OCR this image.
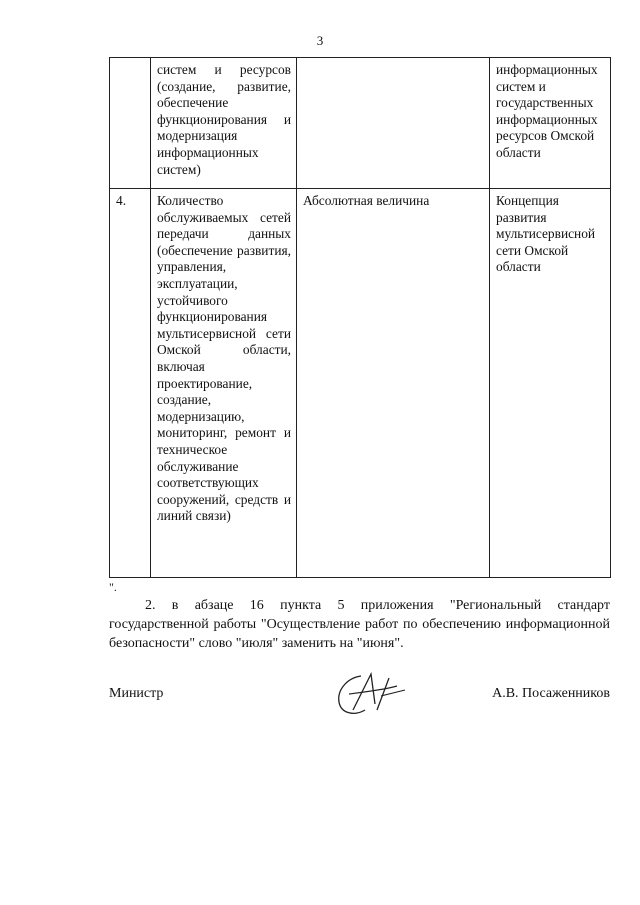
3
	систем и ресурсов (создание, развитие, обеспечение функционирования и модернизация информационных систем)		информационных систем и государственных информационных ресурсов Омской области
4.	Количество обслуживаемых сетей передачи данных (обеспечение развития, управления, эксплуатации, устойчивого функционирования мультисервисной сети Омской области, включая проектирование, создание, модернизацию, мониторинг, ремонт и техническое обслуживание соответствующих сооружений, средств и линий связи)	Абсолютная величина	Концепция развития мультисервисной сети Омской области
".
2. в абзаце 16 пункта 5 приложения "Региональный стандарт государственной работы "Осуществление работ по обеспечению информационной безопасности" слово "июля" заменить на "июня".
Министр	А.В. Посаженников
